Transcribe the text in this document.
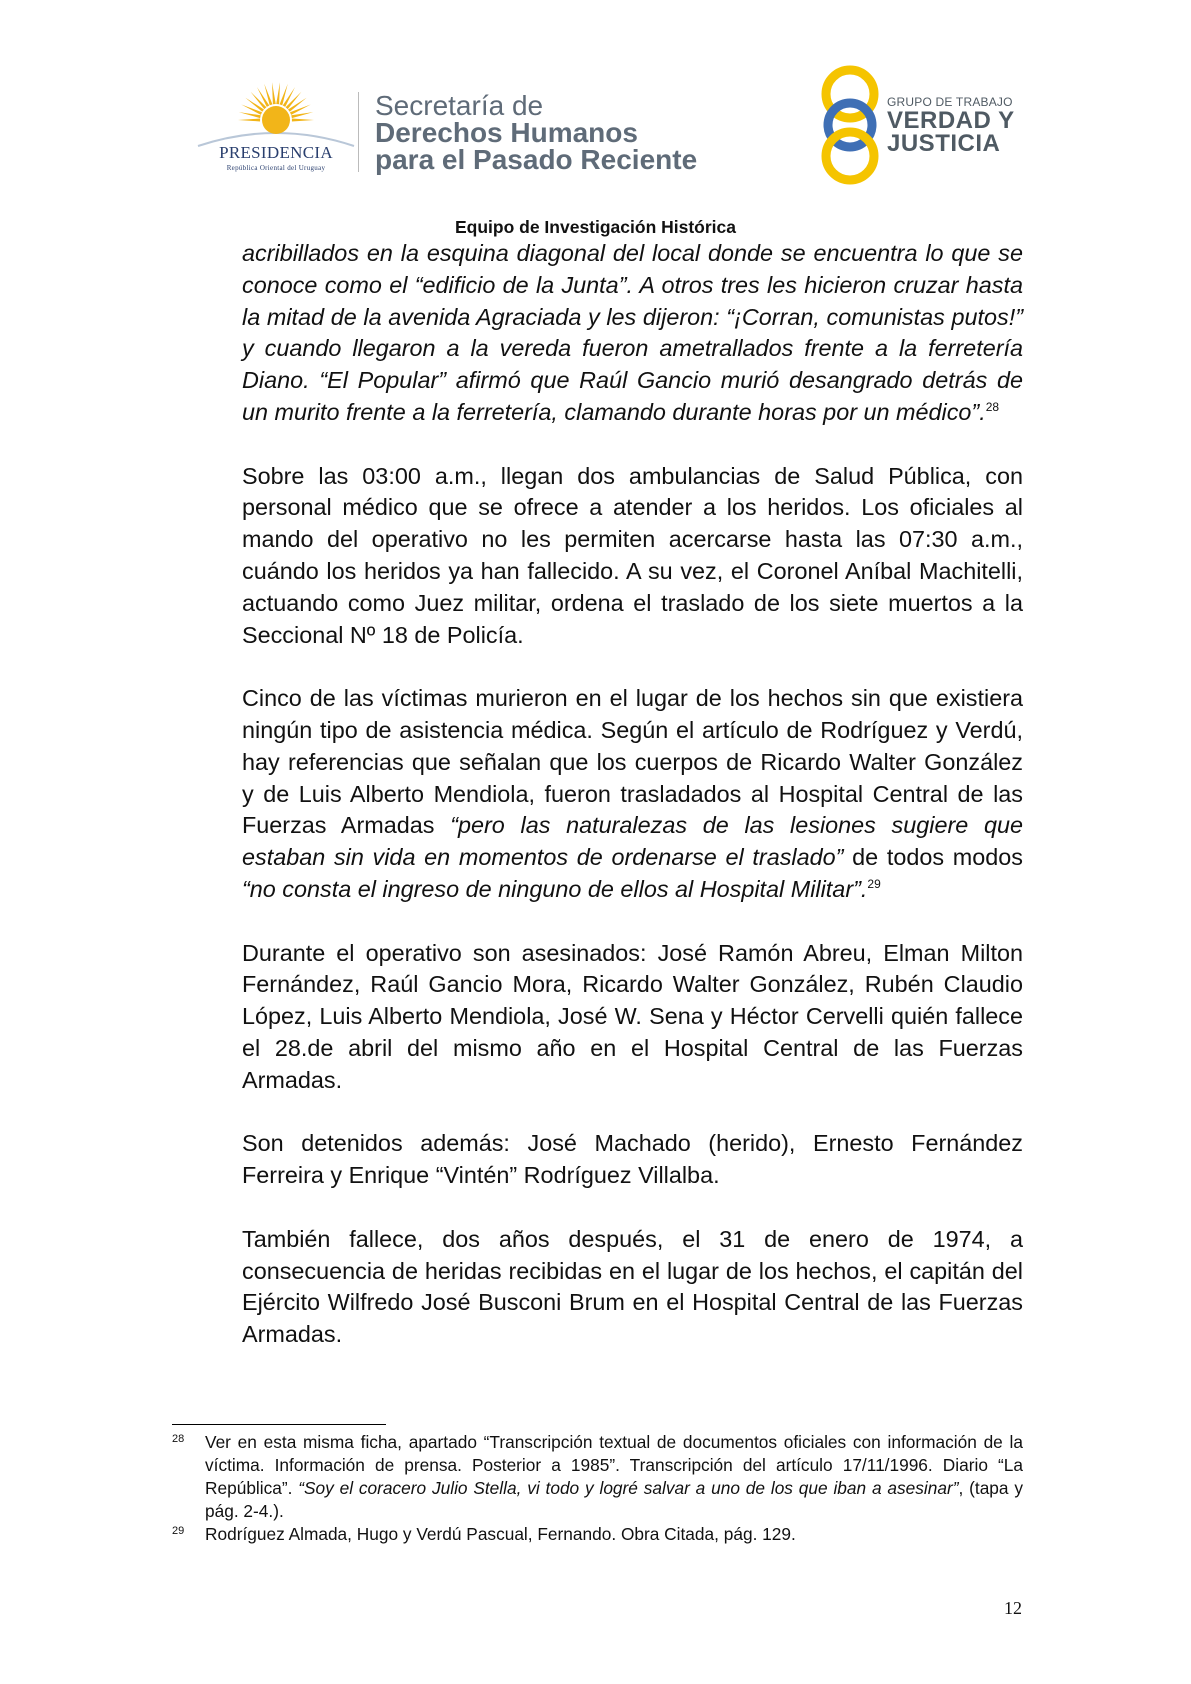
PRESIDENCIA
República Oriental del Uruguay
Secretaría de
Derechos Humanos
para el Pasado Reciente
GRUPO DE TRABAJO
VERDAD Y
JUSTICIA
Equipo de Investigación Histórica

acribillados en la esquina diagonal del local donde se encuentra lo que se conoce como el “edificio de la Junta”. A otros tres les hicieron cruzar hasta la mitad de la avenida Agraciada y les dijeron: “¡Corran, comunistas putos!” y cuando llegaron a la vereda fueron ametrallados frente a la ferretería Diano. “El Popular” afirmó que Raúl Gancio murió desangrado detrás de un murito frente a la ferretería, clamando durante horas por un médico”.$^{28}$

Sobre las 03:00 a.m., llegan dos ambulancias de Salud Pública, con personal médico que se ofrece a atender a los heridos. Los oficiales al mando del operativo no les permiten acercarse hasta las 07:30 a.m., cuándo los heridos ya han fallecido. A su vez, el Coronel Aníbal Machitelli, actuando como Juez militar, ordena el traslado de los siete muertos a la Seccional Nº 18 de Policía.

Cinco de las víctimas murieron en el lugar de los hechos sin que existiera ningún tipo de asistencia médica. Según el artículo de Rodríguez y Verdú, hay referencias que señalan que los cuerpos de Ricardo Walter González y de Luis Alberto Mendiola, fueron trasladados al Hospital Central de las Fuerzas Armadas “pero las naturalezas de las lesiones sugiere que estaban sin vida en momentos de ordenarse el traslado” de todos modos “no consta el ingreso de ninguno de ellos al Hospital Militar”.$^{29}$

Durante el operativo son asesinados: José Ramón Abreu, Elman Milton Fernández, Raúl Gancio Mora, Ricardo Walter González, Rubén Claudio López, Luis Alberto Mendiola, José W. Sena y Héctor Cervelli quién fallece el 28.de abril del mismo año en el Hospital Central de las Fuerzas Armadas.

Son detenidos además: José Machado (herido), Ernesto Fernández Ferreira y Enrique “Vintén” Rodríguez Villalba.

También fallece, dos años después, el 31 de enero de 1974, a consecuencia de heridas recibidas en el lugar de los hechos, el capitán del Ejército Wilfredo José Busconi Brum en el Hospital Central de las Fuerzas Armadas.

28 Ver en esta misma ficha, apartado “Transcripción textual de documentos oficiales con información de la víctima. Información de prensa. Posterior a 1985”. Transcripción del artículo 17/11/1996. Diario “La República”. “Soy el coracero Julio Stella, vi todo y logré salvar a uno de los que iban a asesinar”, (tapa y pág. 2-4.).
29 Rodríguez Almada, Hugo y Verdú Pascual, Fernando. Obra Citada, pág. 129.
12
